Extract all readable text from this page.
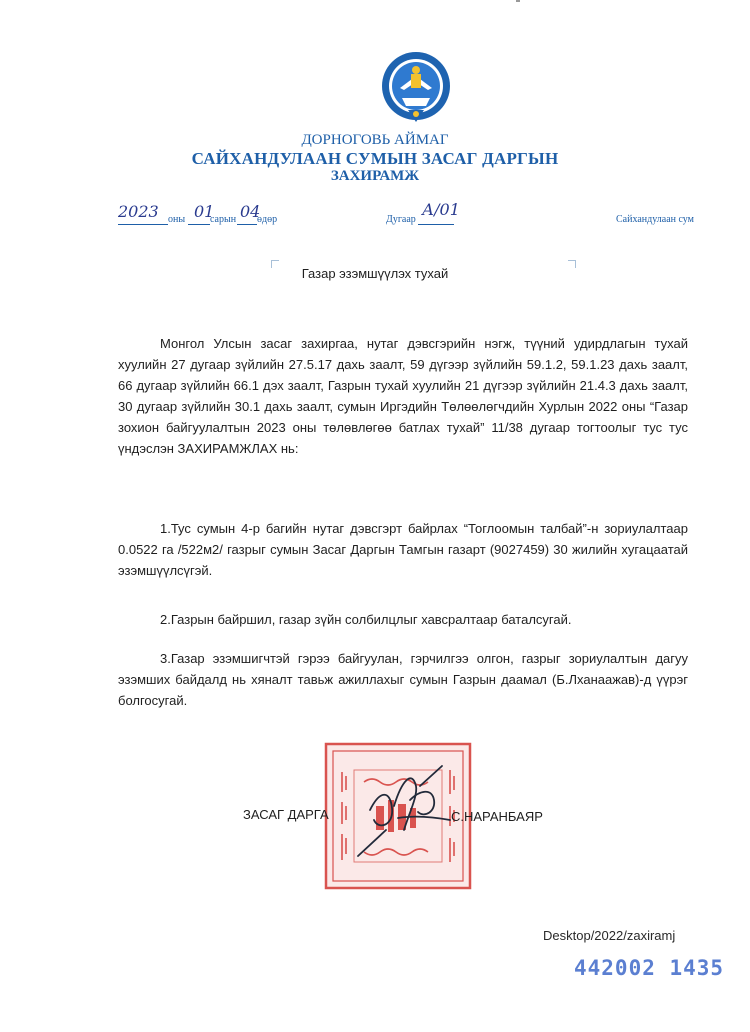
ДОРНОГОВЬ АЙМАГ
САЙХАНДУЛААН СУМЫН ЗАСАГ ДАРГЫН
ЗАХИРАМЖ
2023 оны 01
сарын 04
өдөр	Дугаар
А/01
Сайхандулаан сум
Газар эзэмшүүлэх тухай
Монгол Улсын засаг захиргаа, нутаг дэвсгэрийн нэгж, түүний удирдлагын тухай хуулийн 27 дугаар зүйлийн 27.5.17 дахь заалт, 59 дүгээр зүйлийн 59.1.2, 59.1.23 дахь заалт, 66 дугаар зүйлийн 66.1 дэх заалт, Газрын тухай хуулийн 21 дүгээр зүйлийн 21.4.3 дахь заалт, 30 дугаар зүйлийн 30.1 дахь заалт, сумын Иргэдийн Төлөөлөгчдийн Хурлын 2022 оны “Газар зохион байгуулалтын 2023 оны төлөвлөгөө батлах тухай” 11/38 дугаар тогтоолыг тус тус үндэслэн ЗАХИРАМЖЛАХ нь:
1.Тус сумын 4-р багийн нутаг дэвсгэрт байрлах “Тоглоомын талбай”-н зориулалтаар 0.0522 га /522м2/ газрыг сумын Засаг Даргын Тамгын газарт (9027459) 30 жилийн хугацаатай эзэмшүүлсүгэй.
2.Газрын байршил, газар зүйн солбилцлыг хавсралтаар баталсугай.
3.Газар эзэмшигчтэй гэрээ байгуулан, гэрчилгээ олгон, газрыг зориулалтын дагуу эзэмших байдалд нь хяналт тавьж ажиллахыг сумын Газрын даамал (Б.Лханаажав)-д үүрэг болгосугай.
ЗАСАГ ДАРГА	С.НАРАНБАЯР
Desktop/2022/zaxiramj
442002 1435
